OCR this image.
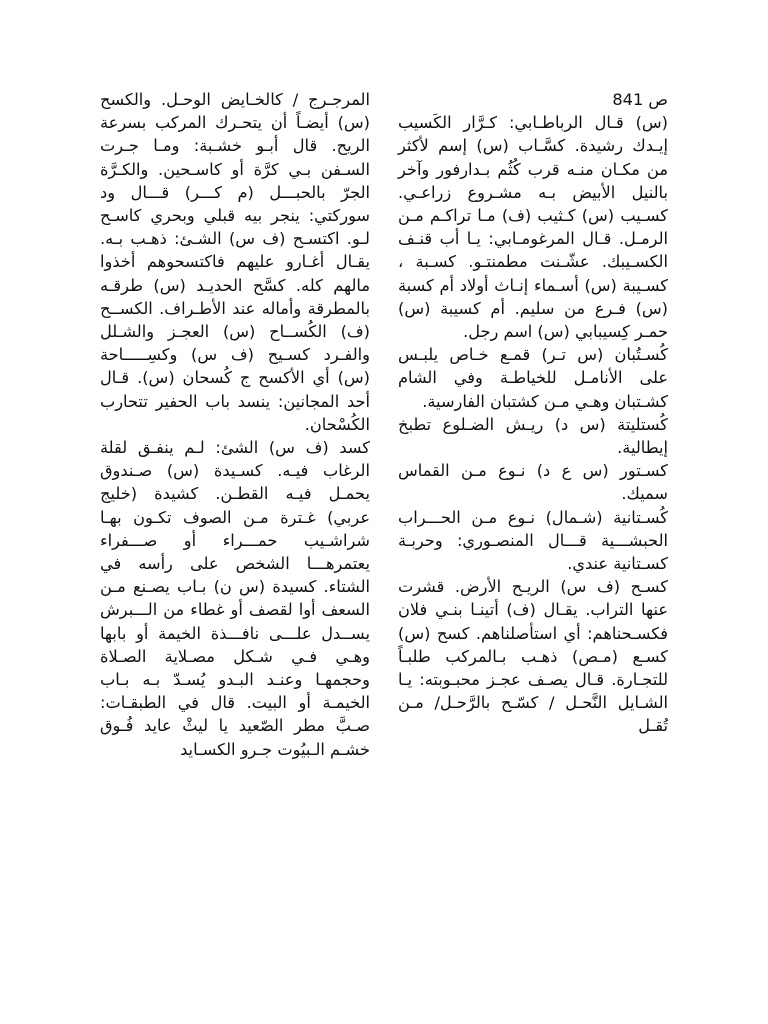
ص 841

(س) قـال الرباطـابي: كـرَّار الكَسيب إيـدك رشيدة. كسَّـاب (س) إسم لأكثر من مكـان منـه قرب كُثُم بـدارفور وآخر بالنيل الأبيض بـه مشـروع زراعـي. كسـيب (س) كـثيب (ف) مـا تراكـم مـن الرمـل. قـال المرغومـابي: يـا أب قنـف الكسـيبك. عشّـنت مطمنتـو. كسـبة ، كسـيبة (س) أسـماء إنـاث أولاد أم كسبة (س) فـرع من سليم. أم كسيبة (س) حمـر كِسيبابي (س) اسم رجل.

كُسـتُبان (س تـر) قمـع خـاص يلبـس على الأنامـل للخياطـة وفي الشام كشـتبان وهـي مـن كشتبان الفارسية.

كُستليتة (س د) ريـش الضـلوع تطبخ إيطالية.

كسـتور (س ع د) نـوع مـن القماس سميك.

كُسـتانية (شـمال) نـوع مـن الحـــراب الحبشـــية قـــال المنصـوري: وحربـة كسـتانية عندي.

كسـح (ف س) الريـح الأرض. قشرت عنها التراب. يقـال (ف) أتينـا بنـي فلان فكسـحناهم: أي استأصلناهم. كسح (س) كسـع (مـص) ذهـب بـالمركب طلبـاً للتجـارة. قـال يصـف عجـز محبـوبته: يـا الشـايل النَّحـل / كسّـح بالرَّحـل/ مـن تُقـل

المرجـرج / كالخـايض الوحـل. والكسح (س) أيضـاً أن يتحـرك المركب بسرعة الريح. قال أبـو خشـبة: ومـا جـرت السـفن بـي كرَّة أو كاسـحين. والكـرَّة الجرّ بالحبـــل (م كـــر) قـــال ود سوركتي: ينجر بيه قبلي وبحري كاسـح لـو. اكتسـح (ف س) الشـئ: ذهـب بـه. يقـال أغـارو عليهم فاكتسحوهم أخذوا مالهم كله. كسَّح الحديـد (س) طرقـه بالمطرقة وأماله عند الأطـراف. الكســح (ف) الكُســاح (س) العجـز والشـلل والفـرد كسـيح (ف س) وكسِـــــاحة (س) أي الأكسح ج كُسحان (س). قـال أحد المجانين: ينسد باب الحفير تتحارب الكُسْحان.

كسد (ف س) الشئ: لـم ينفـق لقلة الرغاب فيـه. كسـيدة (س) صـندوق يحمـل فيـه القطـن. كشيدة (خليج عربي) غـترة مـن الصوف تكـون بهـا شراشـيب حمـــراء أو صـــفراء يعتمرهـــا الشخص على رأسه في الشتاء. كسيدة (س ن) بـاب يصـنع مـن السعف أوا لقصف أو غطاء من الـــبرش يســدل علـــى نافـــذة الخيمة أو بابها وهـي فـي شـكل مصـلاية الصـلاة وحجمهـا وعنـد البـدو يُسـدّ بـه بـاب الخيمـة أو البيت. قال في الطبقـات: صـبَّ مطر الصّعيد يا ليثْ عايد فُـوق خشـم الـبيُوت جـرو الكسـايد
